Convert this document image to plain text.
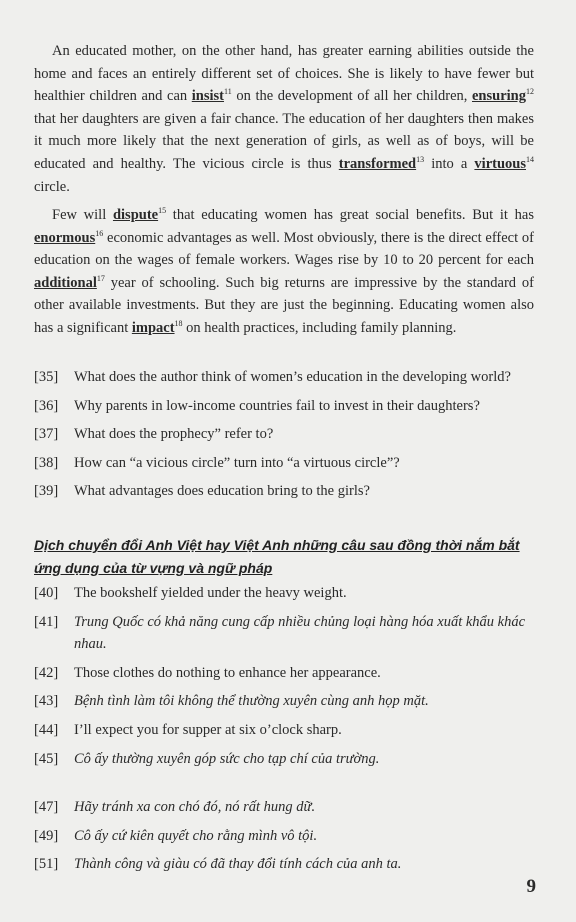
An educated mother, on the other hand, has greater earning abilities outside the home and faces an entirely different set of choices. She is likely to have fewer but healthier children and can insist$^{11}$ on the development of all her children, ensuring$^{12}$ that her daughters are given a fair chance. The education of her daughters then makes it much more likely that the next generation of girls, as well as of boys, will be educated and healthy. The vicious circle is thus transformed$^{13}$ into a virtuous$^{14}$ circle.

Few will dispute$^{15}$ that educating women has great social benefits. But it has enormous$^{16}$ economic advantages as well. Most obviously, there is the direct effect of education on the wages of female workers. Wages rise by 10 to 20 percent for each additional$^{17}$ year of schooling. Such big returns are impressive by the standard of other available investments. But they are just the beginning. Educating women also has a significant impact$^{18}$ on health practices, including family planning.

[35]	What does the author think of women’s education in the developing world?
[36]	Why parents in low-income countries fail to invest in their daughters?
[37]	What does the prophecy” refer to?
[38]	How can “a vicious circle” turn into “a virtuous circle”?
[39]	What advantages does education bring to the girls?
Dịch chuyển đổi Anh Việt hay Việt Anh những câu sau đồng thời nắm bắt ứng dụng của từ vựng và ngữ pháp
[40]	The bookshelf yielded under the heavy weight.
[41]	Trung Quốc có khả năng cung cấp nhiều chủng loại hàng hóa xuất khẩu khác nhau.
[42]	Those clothes do nothing to enhance her appearance.
[43]	Bệnh tình làm tôi không thể thường xuyên cùng anh họp mặt.
[44]	I’ll expect you for supper at six o’clock sharp.
[45]	Cô ấy thường xuyên góp sức cho tạp chí của trường.
[47]	Hãy tránh xa con chó đó, nó rất hung dữ.
[49]	Cô ấy cứ kiên quyết cho rằng mình vô tội.
[51]	Thành công và giàu có đã thay đổi tính cách của anh ta.
9
